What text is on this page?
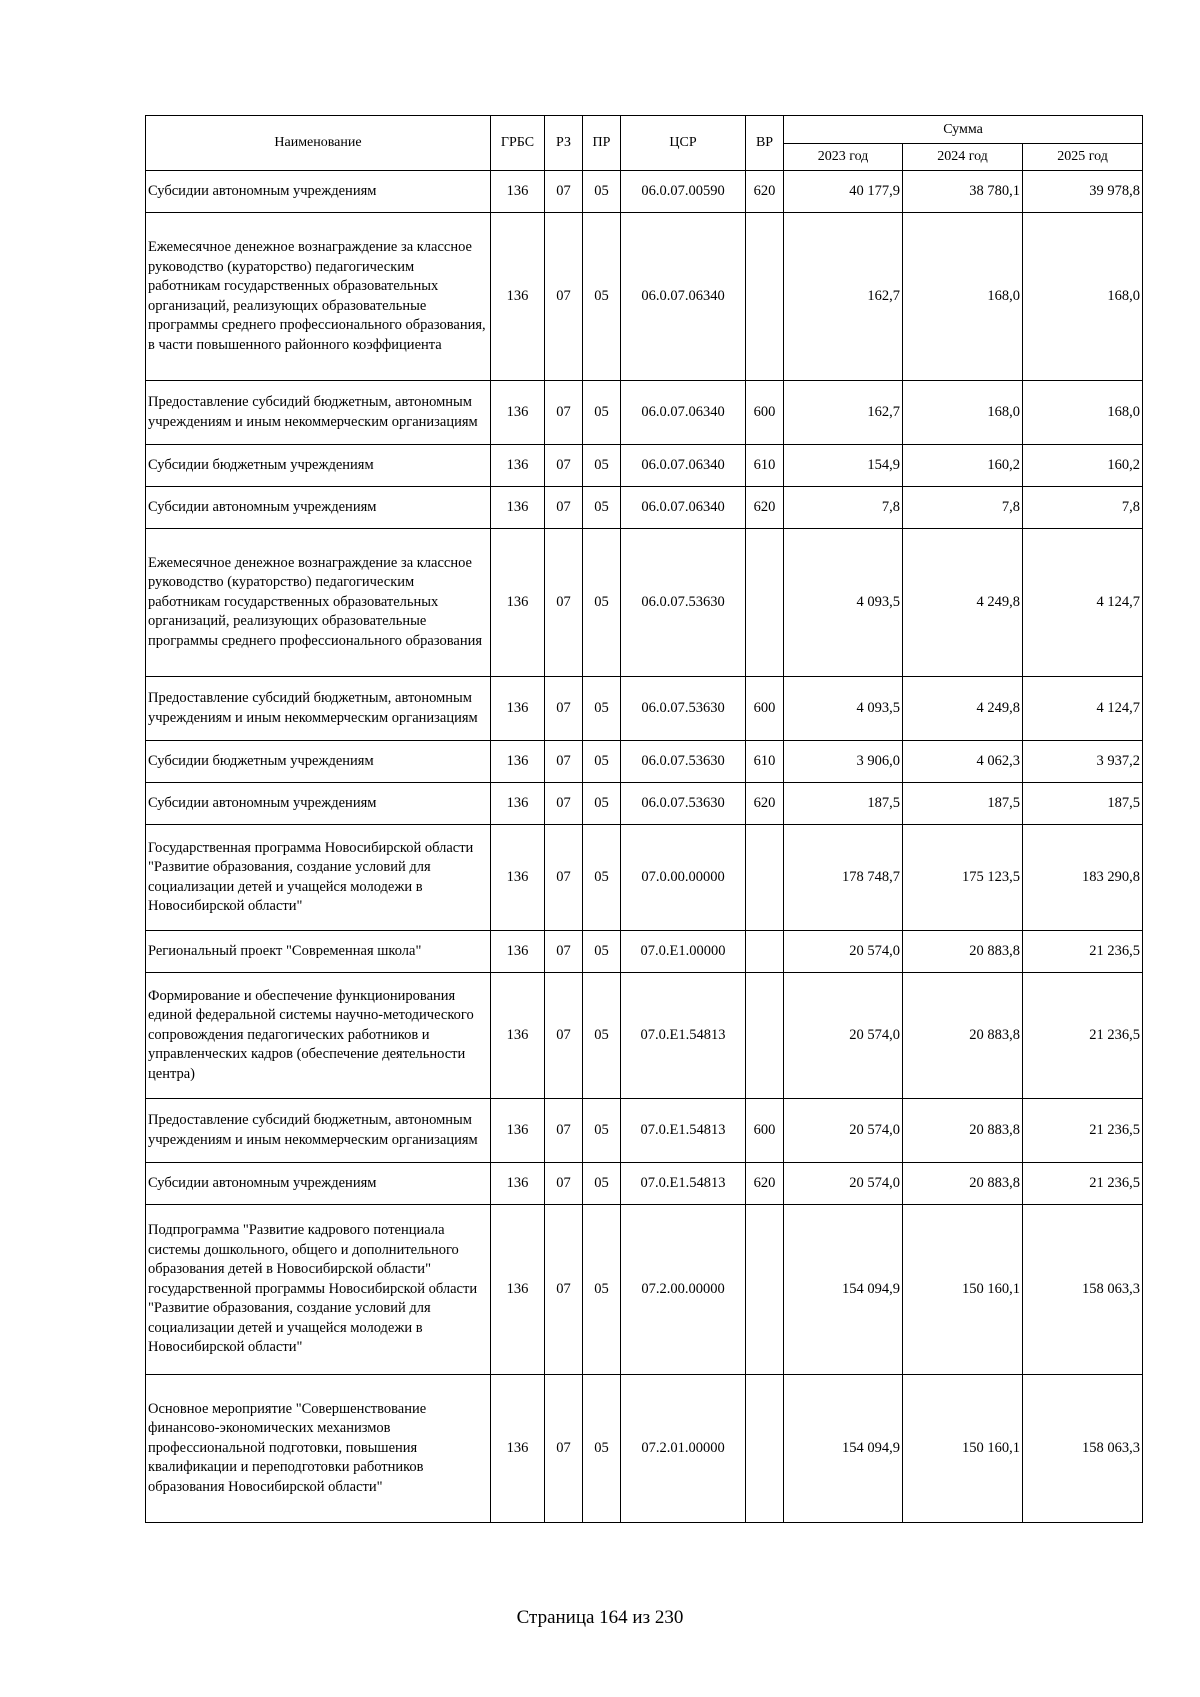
Наименование	ГРБС	РЗ	ПР	ЦСР	ВР	Сумма		
						2023 год	2024 год	2025 год
Субсидии автономным учреждениям	136	07	05	06.0.07.00590	620	40 177,9	38 780,1	39 978,8
Ежемесячное денежное вознаграждение за классное руководство (кураторство) педагогическим работникам государственных образовательных организаций, реализующих образовательные программы среднего профессионального образования, в части повышенного районного коэффициента	136	07	05	06.0.07.06340		162,7	168,0	168,0
Предоставление субсидий бюджетным, автономным учреждениям и иным некоммерческим организациям	136	07	05	06.0.07.06340	600	162,7	168,0	168,0
Субсидии бюджетным учреждениям	136	07	05	06.0.07.06340	610	154,9	160,2	160,2
Субсидии автономным учреждениям	136	07	05	06.0.07.06340	620	7,8	7,8	7,8
Ежемесячное денежное вознаграждение за классное руководство (кураторство) педагогическим работникам государственных образовательных организаций, реализующих образовательные программы среднего профессионального образования	136	07	05	06.0.07.53630		4 093,5	4 249,8	4 124,7
Предоставление субсидий бюджетным, автономным учреждениям и иным некоммерческим организациям	136	07	05	06.0.07.53630	600	4 093,5	4 249,8	4 124,7
Субсидии бюджетным учреждениям	136	07	05	06.0.07.53630	610	3 906,0	4 062,3	3 937,2
Субсидии автономным учреждениям	136	07	05	06.0.07.53630	620	187,5	187,5	187,5
Государственная программа Новосибирской области "Развитие образования, создание условий для социализации детей и учащейся молодежи в Новосибирской области"	136	07	05	07.0.00.00000		178 748,7	175 123,5	183 290,8
Региональный проект "Современная школа"	136	07	05	07.0.E1.00000		20 574,0	20 883,8	21 236,5
Формирование и обеспечение функционирования единой федеральной системы научно-методического сопровождения педагогических работников и управленческих кадров (обеспечение деятельности центра)	136	07	05	07.0.E1.54813		20 574,0	20 883,8	21 236,5
Предоставление субсидий бюджетным, автономным учреждениям и иным некоммерческим организациям	136	07	05	07.0.E1.54813	600	20 574,0	20 883,8	21 236,5
Субсидии автономным учреждениям	136	07	05	07.0.E1.54813	620	20 574,0	20 883,8	21 236,5
Подпрограмма "Развитие кадрового потенциала системы дошкольного, общего и дополнительного образования детей в Новосибирской области" государственной программы Новосибирской области "Развитие образования, создание условий для социализации детей и учащейся молодежи в Новосибирской области"	136	07	05	07.2.00.00000		154 094,9	150 160,1	158 063,3
Основное мероприятие "Совершенствование финансово-экономических механизмов профессиональной подготовки, повышения квалификации и переподготовки работников образования Новосибирской области"	136	07	05	07.2.01.00000		154 094,9	150 160,1	158 063,3
Страница 164 из 230
